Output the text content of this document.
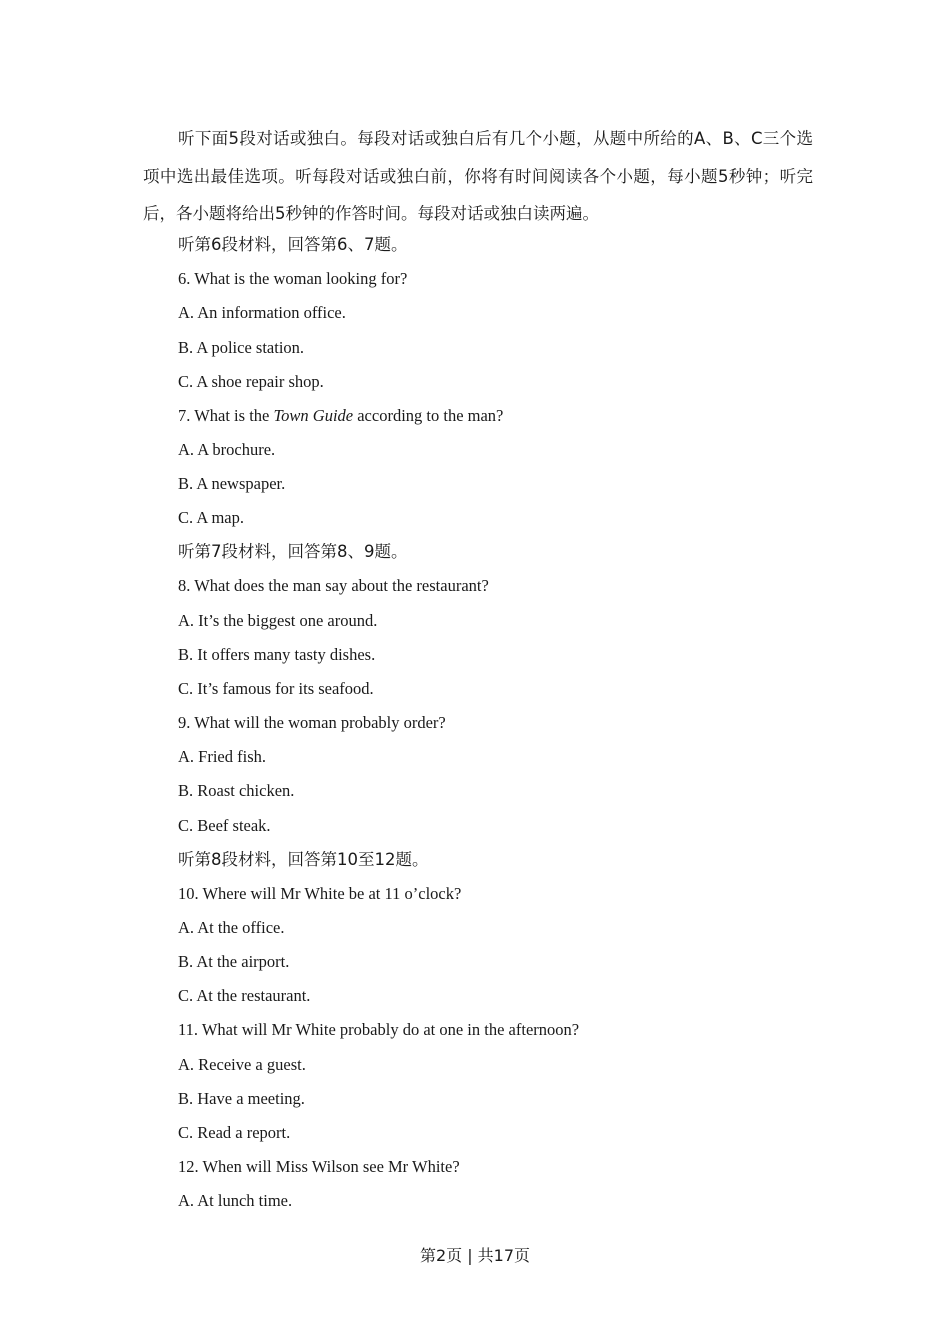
听下面5段对话或独白。每段对话或独白后有几个小题，从题中所给的A、B、C三个选项中选出最佳选项。听每段对话或独白前，你将有时间阅读各个小题，每小题5秒钟；听完后，各小题将给出5秒钟的作答时间。每段对话或独白读两遍。
听第6段材料，回答第6、7题。
6. What is the woman looking for?
A. An information office.
B. A police station.
C. A shoe repair shop.
7. What is the Town Guide according to the man?
A. A brochure.
B. A newspaper.
C. A map.
听第7段材料，回答第8、9题。
8. What does the man say about the restaurant?
A. It’s the biggest one around.
B. It offers many tasty dishes.
C. It’s famous for its seafood.
9. What will the woman probably order?
A. Fried fish.
B. Roast chicken.
C. Beef steak.
听第8段材料，回答第10至12题。
10. Where will Mr White be at 11 o’clock?
A. At the office.
B. At the airport.
C. At the restaurant.
11. What will Mr White probably do at one in the afternoon?
A. Receive a guest.
B. Have a meeting.
C. Read a report.
12. When will Miss Wilson see Mr White?
A. At lunch time.
第2页 | 共17页
